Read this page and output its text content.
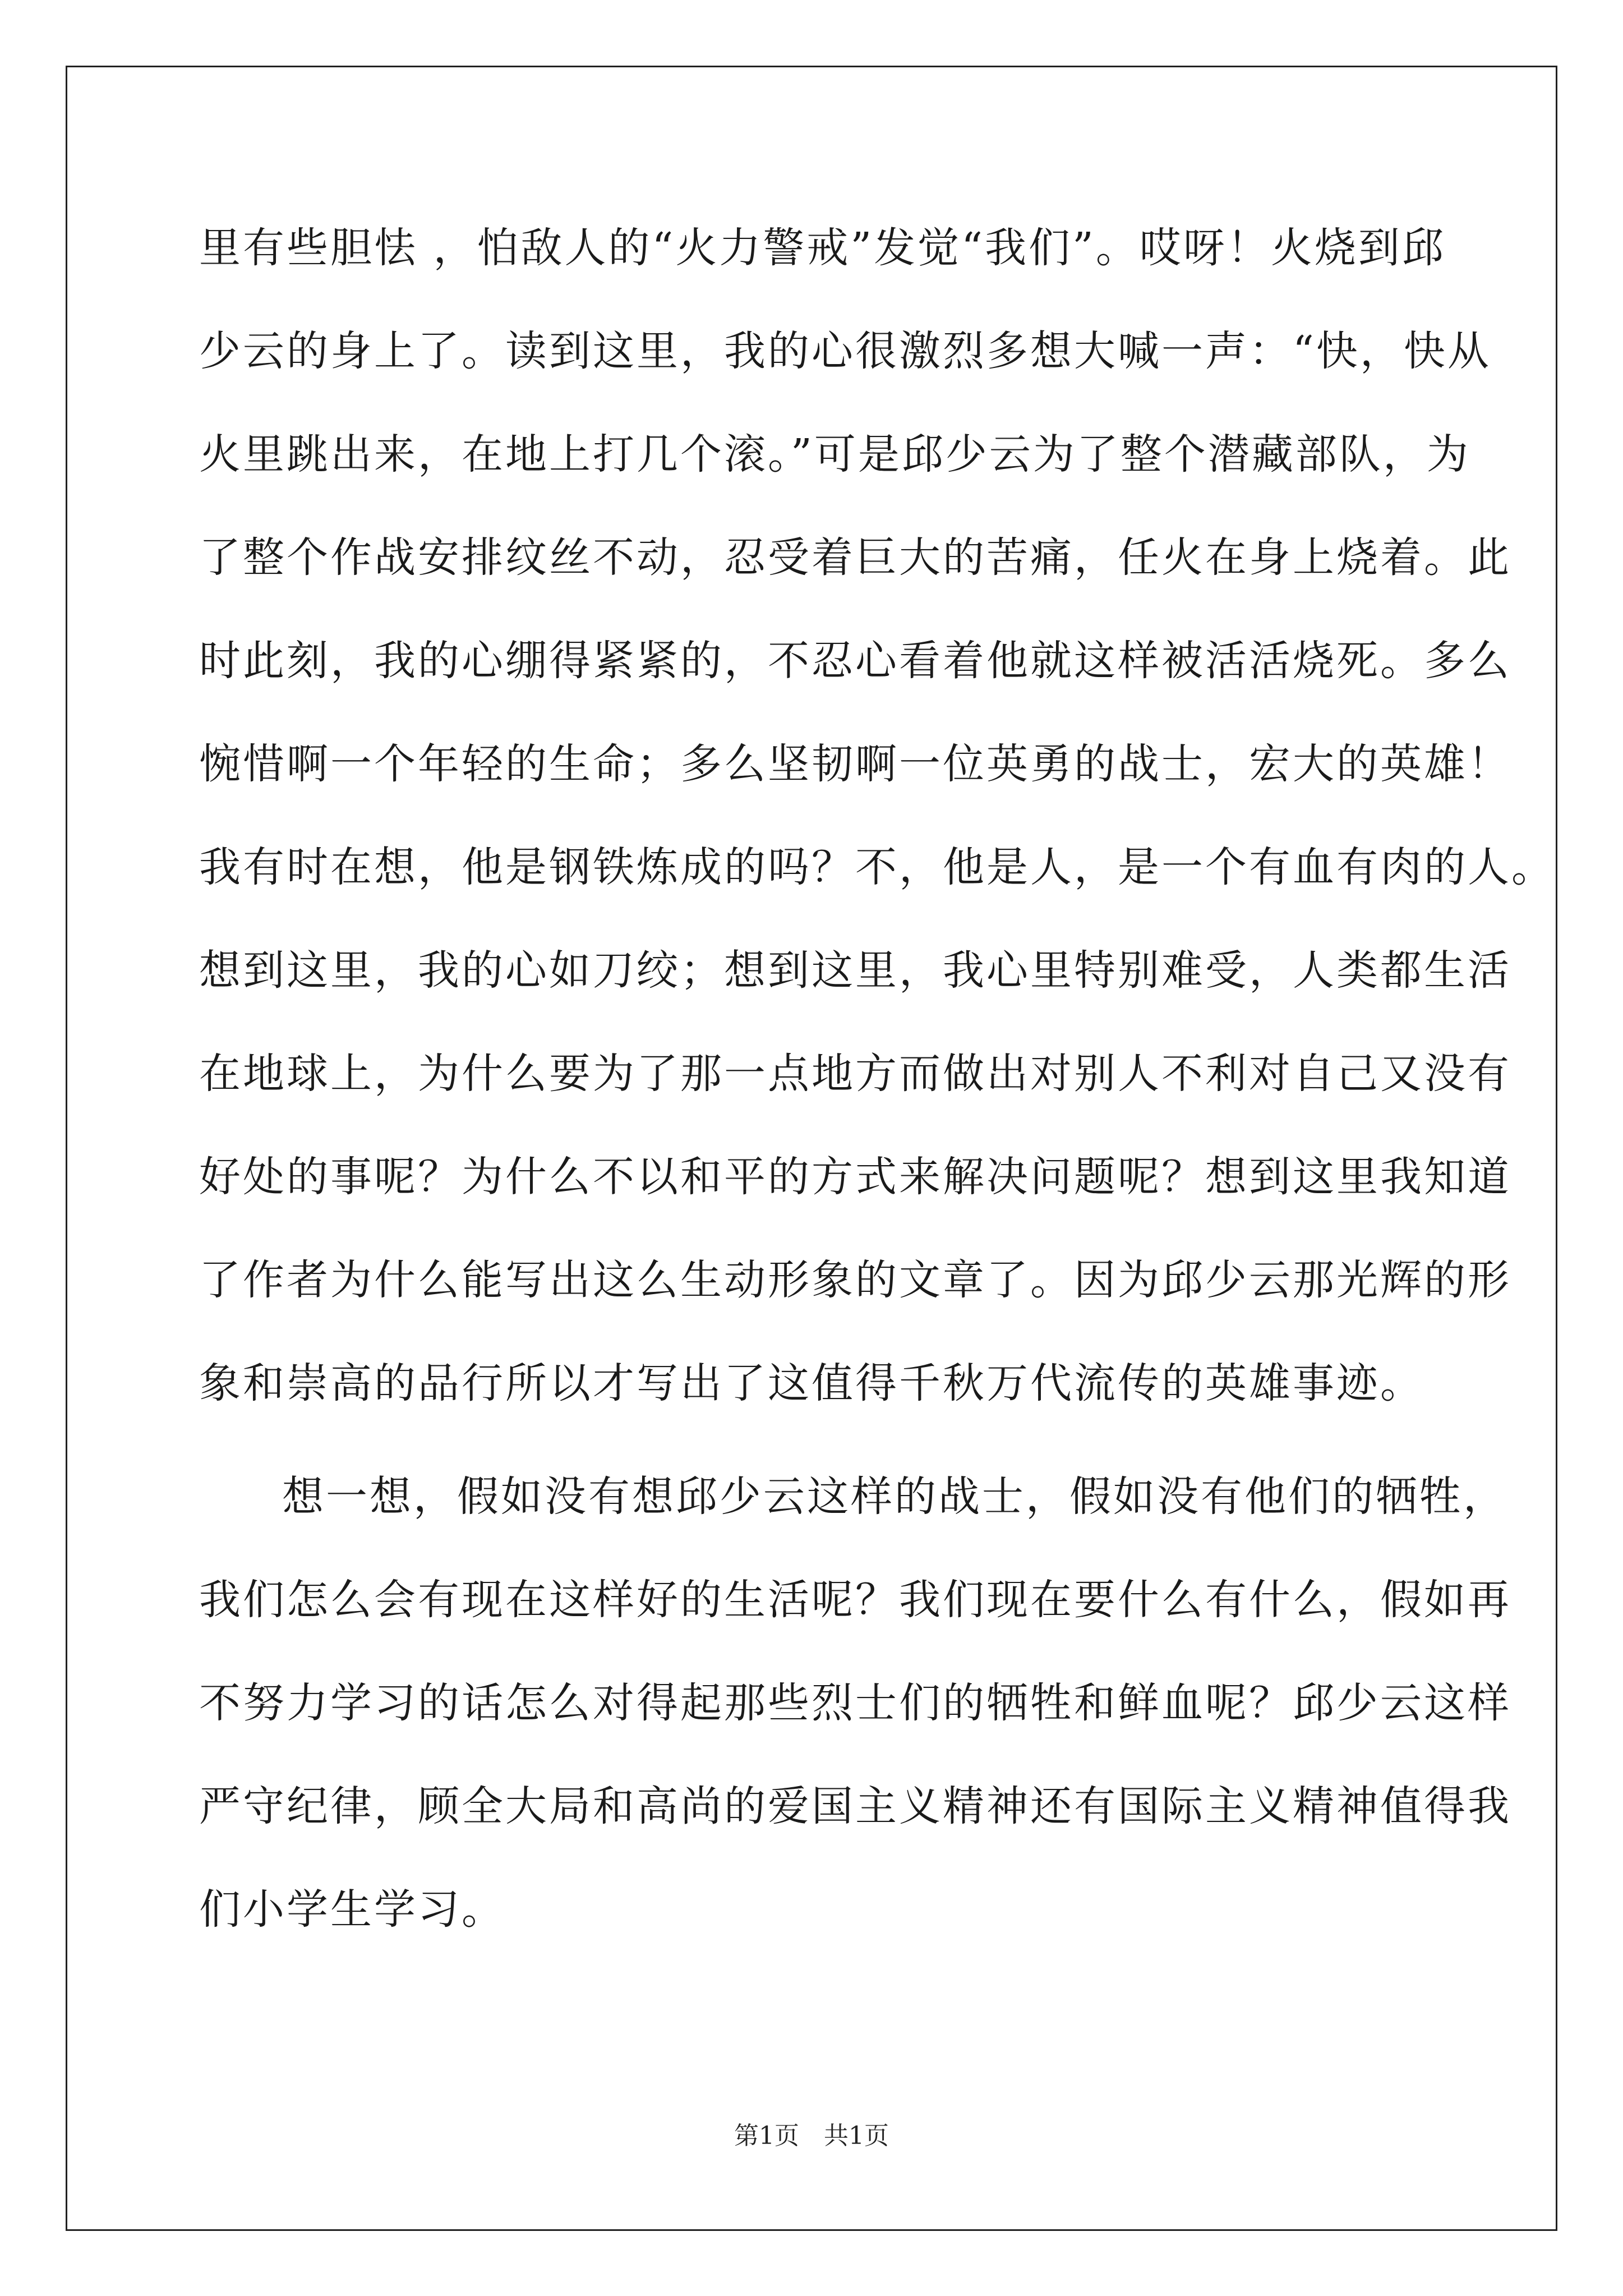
里有些胆怯 ，怕敌人的“火力警戒”发觉“我们”。哎呀！火烧到邱
少云的身上了。读到这里，我的心很激烈多想大喊一声：“快，快从
火里跳出来，在地上打几个滚。”可是邱少云为了整个潜藏部队，为
了整个作战安排纹丝不动，忍受着巨大的苦痛，任火在身上烧着。此
时此刻，我的心绷得紧紧的，不忍心看着他就这样被活活烧死。多么
惋惜啊一个年轻的生命；多么坚韧啊一位英勇的战士，宏大的英雄！
我有时在想，他是钢铁炼成的吗？不，他是人，是一个有血有肉的人。
想到这里，我的心如刀绞；想到这里，我心里特别难受，人类都生活
在地球上，为什么要为了那一点地方而做出对别人不利对自己又没有
好处的事呢？为什么不以和平的方式来解决问题呢？想到这里我知道
了作者为什么能写出这么生动形象的文章了。因为邱少云那光辉的形
象和崇高的品行所以才写出了这值得千秋万代流传的英雄事迹。
想一想，假如没有想邱少云这样的战士，假如没有他们的牺牲，
我们怎么会有现在这样好的生活呢？我们现在要什么有什么，假如再
不努力学习的话怎么对得起那些烈士们的牺牲和鲜血呢？邱少云这样
严守纪律，顾全大局和高尚的爱国主义精神还有国际主义精神值得我
们小学生学习。
第1页　共1页
